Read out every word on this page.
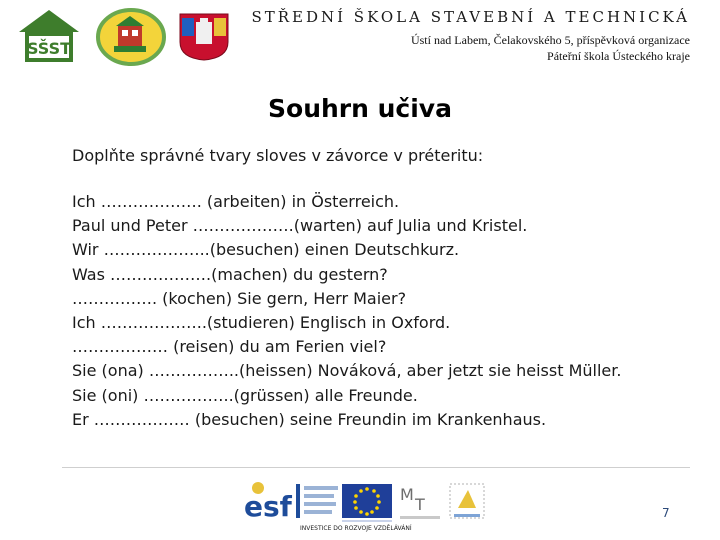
SŠST
STŘEDNÍ ŠKOLA STAVEBNÍ A TECHNICKÁ
Ústí nad Labem, Čelakovského 5, příspěvková organizace
Páteřní škola Ústeckého kraje
Souhrn učiva
Doplňte správné tvary sloves v závorce v préteritu:
Ich ………………. (arbeiten) in Österreich.
Paul und Peter ……………….(warten) auf Julia und Kristel.
Wir ………………..(besuchen) einen Deutschkurz.
Was ……………….(machen) du gestern?
……………. (kochen) Sie gern, Herr Maier?
Ich ………………..(studieren) Englisch in Oxford.
……………… (reisen) du am Ferien viel?
Sie (ona) ……………..(heissen) Nováková, aber jetzt sie heisst Müller.
Sie (oni) ……………..(grüssen) alle Freunde.
Er ……………… (besuchen) seine Freundin im Krankenhaus.
esf	M
T
INVESTICE DO ROZVOJE VZDĚLÁVÁNÍ
7
